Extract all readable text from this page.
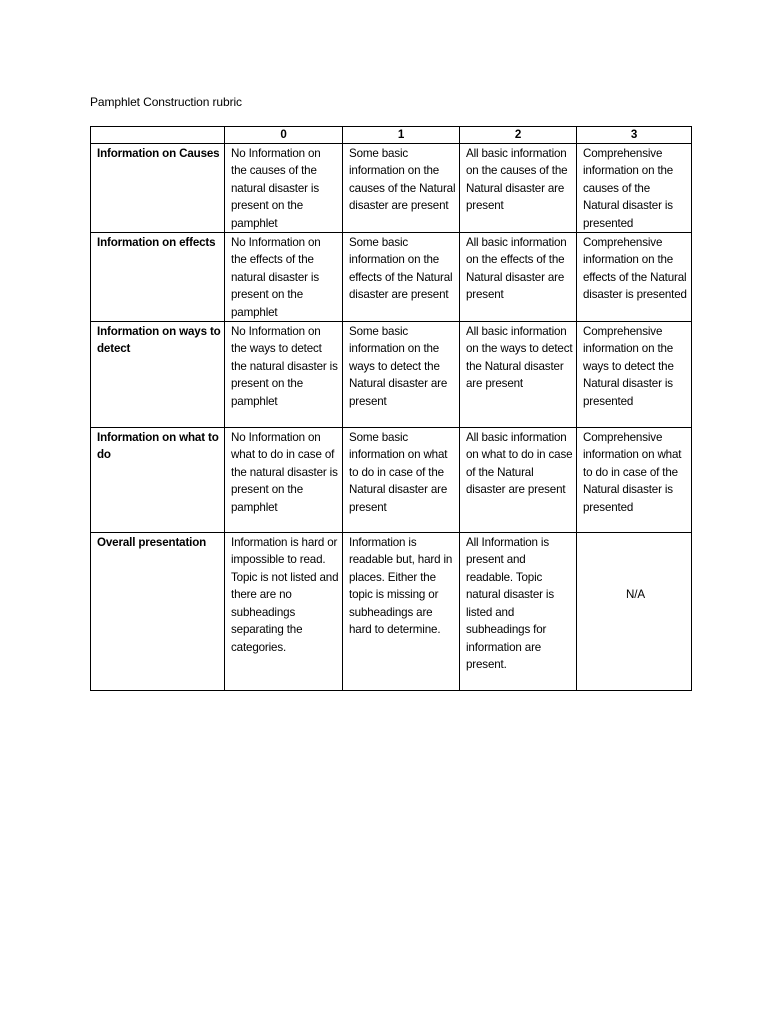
Pamphlet Construction rubric
	0	1	2	3
Information on Causes	No Information on the causes of the natural disaster is present on the pamphlet	Some basic information on the causes of the Natural disaster are present	All basic information on the causes of the Natural disaster are present	Comprehensive information on the causes of the Natural disaster is presented
Information on effects	No Information on the effects of the natural disaster is present on the pamphlet	Some basic information on the effects of the Natural disaster are present	All basic information on the effects of the Natural disaster are present	Comprehensive information on the effects of the Natural disaster is presented
Information on ways to detect	No Information on the ways to detect the natural disaster is present on the pamphlet	Some basic information on the ways to detect the Natural disaster are present	All basic information on the ways to detect the Natural disaster are present	Comprehensive information on the ways to detect the Natural disaster is presented
Information on what to do	No Information on what to do in case of the natural disaster is present on the pamphlet	Some basic information on what to do in case of the Natural disaster are present	All basic information on what to do in case of the Natural disaster are present	Comprehensive information on what to do in case of the Natural disaster is presented
Overall presentation	Information is hard or impossible to read. Topic is not listed and there are no subheadings separating the categories.	Information is readable but, hard in places. Either the topic is missing or subheadings are hard to determine.	All Information is present and readable. Topic natural disaster is listed and subheadings for information are present.	N/A
